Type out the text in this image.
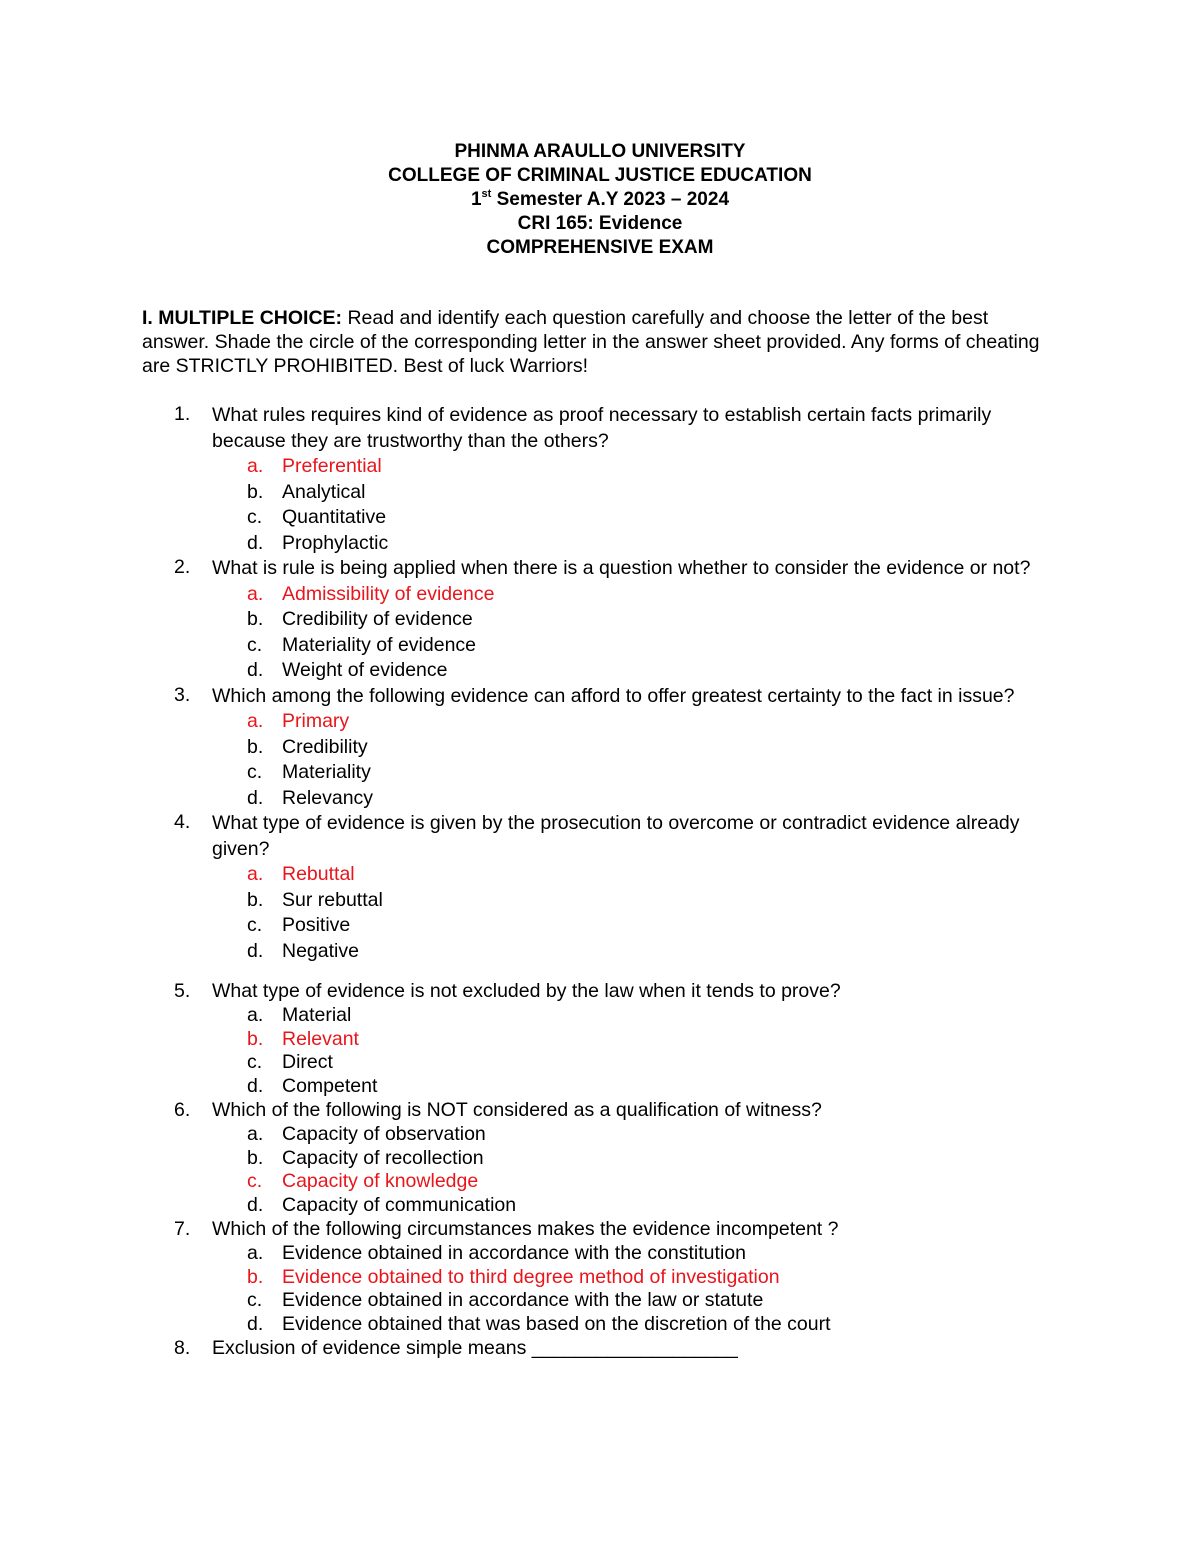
PHINMA ARAULLO UNIVERSITY
COLLEGE OF CRIMINAL JUSTICE EDUCATION
1st Semester A.Y 2023 – 2024
CRI 165: Evidence
COMPREHENSIVE EXAM
I. MULTIPLE CHOICE: Read and identify each question carefully and choose the letter of the best answer. Shade the circle of the corresponding letter in the answer sheet provided. Any forms of cheating are STRICTLY PROHIBITED. Best of luck Warriors!
1. What rules requires kind of evidence as proof necessary to establish certain facts primarily because they are trustworthy than the others?
a. Preferential
b. Analytical
c. Quantitative
d. Prophylactic
2. What is rule is being applied when there is a question whether to consider the evidence or not?
a. Admissibility of evidence
b. Credibility of evidence
c. Materiality of evidence
d. Weight of evidence
3. Which among the following evidence can afford to offer greatest certainty to the fact in issue?
a. Primary
b. Credibility
c. Materiality
d. Relevancy
4. What type of evidence is given by the prosecution to overcome or contradict evidence already given?
a. Rebuttal
b. Sur rebuttal
c. Positive
d. Negative
5. What type of evidence is not excluded by the law when it tends to prove?
a. Material
b. Relevant
c. Direct
d. Competent
6. Which of the following is NOT considered as a qualification of witness?
a. Capacity of observation
b. Capacity of recollection
c. Capacity of knowledge
d. Capacity of communication
7. Which of the following circumstances makes the evidence incompetent ?
a. Evidence obtained in accordance with the constitution
b. Evidence obtained to third degree method of investigation
c. Evidence obtained in accordance with the law or statute
d. Evidence obtained that was based on the discretion of the court
8. Exclusion of evidence simple means ___________________
